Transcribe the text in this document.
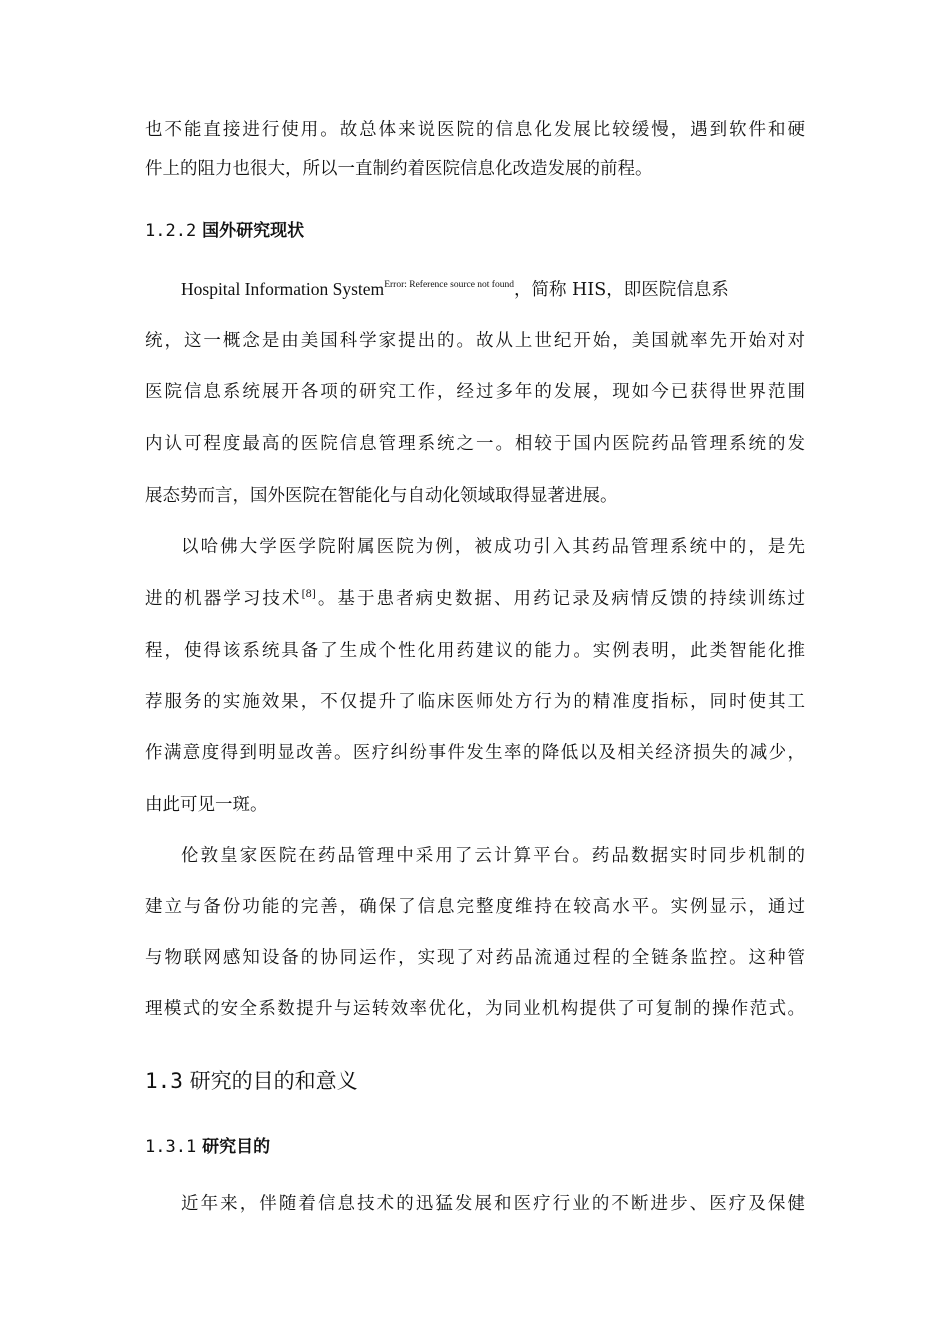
也不能直接进行使用。故总体来说医院的信息化发展比较缓慢，遇到软件和硬
件上的阻力也很大，所以一直制约着医院信息化改造发展的前程。
1.2.2 国外研究现状
Hospital Information System$^{Error: Reference source not found}$，简称 HIS，即医院信息系
统，这一概念是由美国科学家提出的。故从上世纪开始，美国就率先开始对对
医院信息系统展开各项的研究工作，经过多年的发展，现如今已获得世界范围
内认可程度最高的医院信息管理系统之一。相较于国内医院药品管理系统的发
展态势而言，国外医院在智能化与自动化领域取得显著进展。
以哈佛大学医学院附属医院为例，被成功引入其药品管理系统中的，是先
进的机器学习技术[8]。基于患者病史数据、用药记录及病情反馈的持续训练过
程，使得该系统具备了生成个性化用药建议的能力。实例表明，此类智能化推
荐服务的实施效果，不仅提升了临床医师处方行为的精准度指标，同时使其工
作满意度得到明显改善。医疗纠纷事件发生率的降低以及相关经济损失的减少，
由此可见一斑。
伦敦皇家医院在药品管理中采用了云计算平台。药品数据实时同步机制的
建立与备份功能的完善，确保了信息完整度维持在较高水平。实例显示，通过
与物联网感知设备的协同运作，实现了对药品流通过程的全链条监控。这种管
理模式的安全系数提升与运转效率优化，为同业机构提供了可复制的操作范式。
1.3 研究的目的和意义
1.3.1 研究目的
近年来，伴随着信息技术的迅猛发展和医疗行业的不断进步、医疗及保健
